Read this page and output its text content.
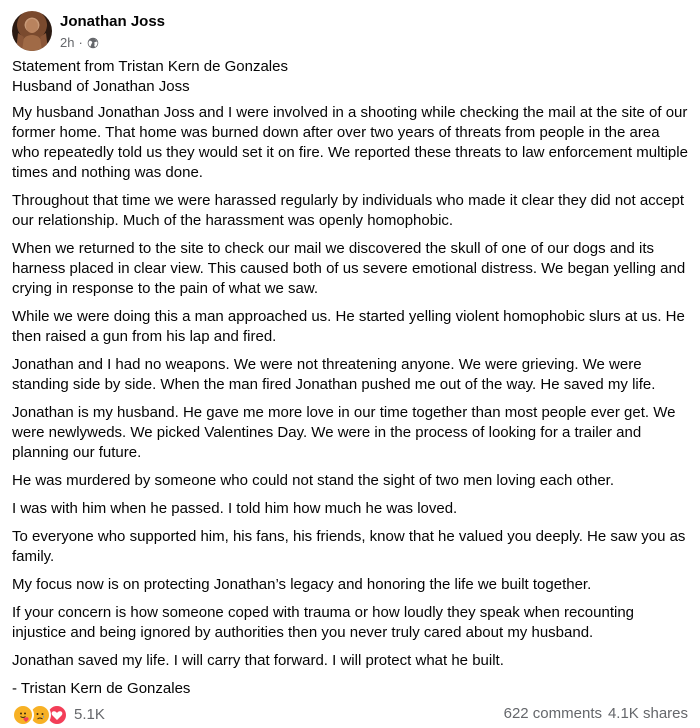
Jonathan Joss
2h ·

Statement from Tristan Kern de Gonzales
Husband of Jonathan Joss

My husband Jonathan Joss and I were involved in a shooting while checking the mail at the site of our former home. That home was burned down after over two years of threats from people in the area who repeatedly told us they would set it on fire. We reported these threats to law enforcement multiple times and nothing was done.

Throughout that time we were harassed regularly by individuals who made it clear they did not accept our relationship. Much of the harassment was openly homophobic.

When we returned to the site to check our mail we discovered the skull of one of our dogs and its harness placed in clear view. This caused both of us severe emotional distress. We began yelling and crying in response to the pain of what we saw.

While we were doing this a man approached us. He started yelling violent homophobic slurs at us. He then raised a gun from his lap and fired.

Jonathan and I had no weapons. We were not threatening anyone. We were grieving. We were standing side by side. When the man fired Jonathan pushed me out of the way. He saved my life.

Jonathan is my husband. He gave me more love in our time together than most people ever get. We were newlyweds. We picked Valentines Day. We were in the process of looking for a trailer and planning our future.

He was murdered by someone who could not stand the sight of two men loving each other.

I was with him when he passed. I told him how much he was loved.

To everyone who supported him, his fans, his friends, know that he valued you deeply. He saw you as family.

My focus now is on protecting Jonathan’s legacy and honoring the life we built together.

If your concern is how someone coped with trauma or how loudly they speak when recounting injustice and being ignored by authorities then you never truly cared about my husband.

Jonathan saved my life. I will carry that forward. I will protect what he built.

- Tristan Kern de Gonzales

5.1K	622 comments 4.1K shares
